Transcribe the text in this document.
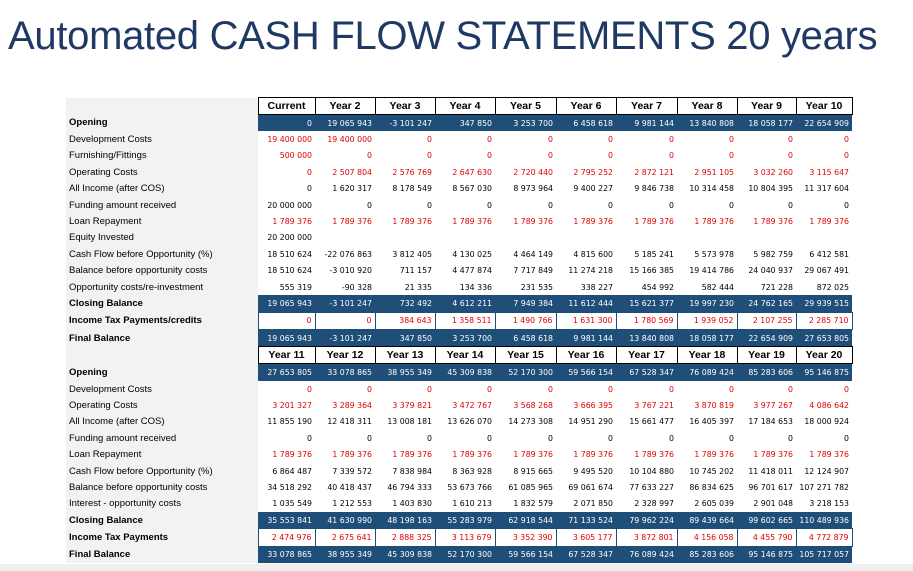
Automated CASH FLOW STATEMENTS 20 years
	Current	Year 2	Year 3	Year 4	Year 5	Year 6	Year 7	Year 8	Year 9	Year 10
Opening	0	19 065 943	-3 101 247	347 850	3 253 700	6 458 618	9 981 144	13 840 808	18 058 177	22 654 909
Development Costs	19 400 000	19 400 000	0	0	0	0	0	0	0	0
Furnishing/Fittings	500 000	0	0	0	0	0	0	0	0	0
Operating Costs	0	2 507 804	2 576 769	2 647 630	2 720 440	2 795 252	2 872 121	2 951 105	3 032 260	3 115 647
All Income (after COS)	0	1 620 317	8 178 549	8 567 030	8 973 964	9 400 227	9 846 738	10 314 458	10 804 395	11 317 604
Funding amount received	20 000 000	0	0	0	0	0	0	0	0	0
Loan Repayment	1 789 376	1 789 376	1 789 376	1 789 376	1 789 376	1 789 376	1 789 376	1 789 376	1 789 376	1 789 376
Equity Invested	20 200 000									
Cash Flow before Opportunity (%)	18 510 624	-22 076 863	3 812 405	4 130 025	4 464 149	4 815 600	5 185 241	5 573 978	5 982 759	6 412 581
Balance before opportunity costs	18 510 624	-3 010 920	711 157	4 477 874	7 717 849	11 274 218	15 166 385	19 414 786	24 040 937	29 067 491
Opportunity costs/re-investment	555 319	-90 328	21 335	134 336	231 535	338 227	454 992	582 444	721 228	872 025
Closing Balance	19 065 943	-3 101 247	732 492	4 612 211	7 949 384	11 612 444	15 621 377	19 997 230	24 762 165	29 939 515
Income Tax Payments/credits	0	0	384 643	1 358 511	1 490 766	1 631 300	1 780 569	1 939 052	2 107 255	2 285 710
Final Balance	19 065 943	-3 101 247	347 850	3 253 700	6 458 618	9 981 144	13 840 808	18 058 177	22 654 909	27 653 805
	Year 11	Year 12	Year 13	Year 14	Year 15	Year 16	Year 17	Year 18	Year 19	Year 20
Opening	27 653 805	33 078 865	38 955 349	45 309 838	52 170 300	59 566 154	67 528 347	76 089 424	85 283 606	95 146 875
Development Costs	0	0	0	0	0	0	0	0	0	0
Operating Costs	3 201 327	3 289 364	3 379 821	3 472 767	3 568 268	3 666 395	3 767 221	3 870 819	3 977 267	4 086 642
All Income (after COS)	11 855 190	12 418 311	13 008 181	13 626 070	14 273 308	14 951 290	15 661 477	16 405 397	17 184 653	18 000 924
Funding amount received	0	0	0	0	0	0	0	0	0	0
Loan Repayment	1 789 376	1 789 376	1 789 376	1 789 376	1 789 376	1 789 376	1 789 376	1 789 376	1 789 376	1 789 376
Cash Flow before Opportunity (%)	6 864 487	7 339 572	7 838 984	8 363 928	8 915 665	9 495 520	10 104 880	10 745 202	11 418 011	12 124 907
Balance before opportunity costs	34 518 292	40 418 437	46 794 333	53 673 766	61 085 965	69 061 674	77 633 227	86 834 625	96 701 617	107 271 782
Interest - opportunity costs	1 035 549	1 212 553	1 403 830	1 610 213	1 832 579	2 071 850	2 328 997	2 605 039	2 901 048	3 218 153
Closing Balance	35 553 841	41 630 990	48 198 163	55 283 979	62 918 544	71 133 524	79 962 224	89 439 664	99 602 665	110 489 936
Income Tax Payments	2 474 976	2 675 641	2 888 325	3 113 679	3 352 390	3 605 177	3 872 801	4 156 058	4 455 790	4 772 879
Final Balance	33 078 865	38 955 349	45 309 838	52 170 300	59 566 154	67 528 347	76 089 424	85 283 606	95 146 875	105 717 057
